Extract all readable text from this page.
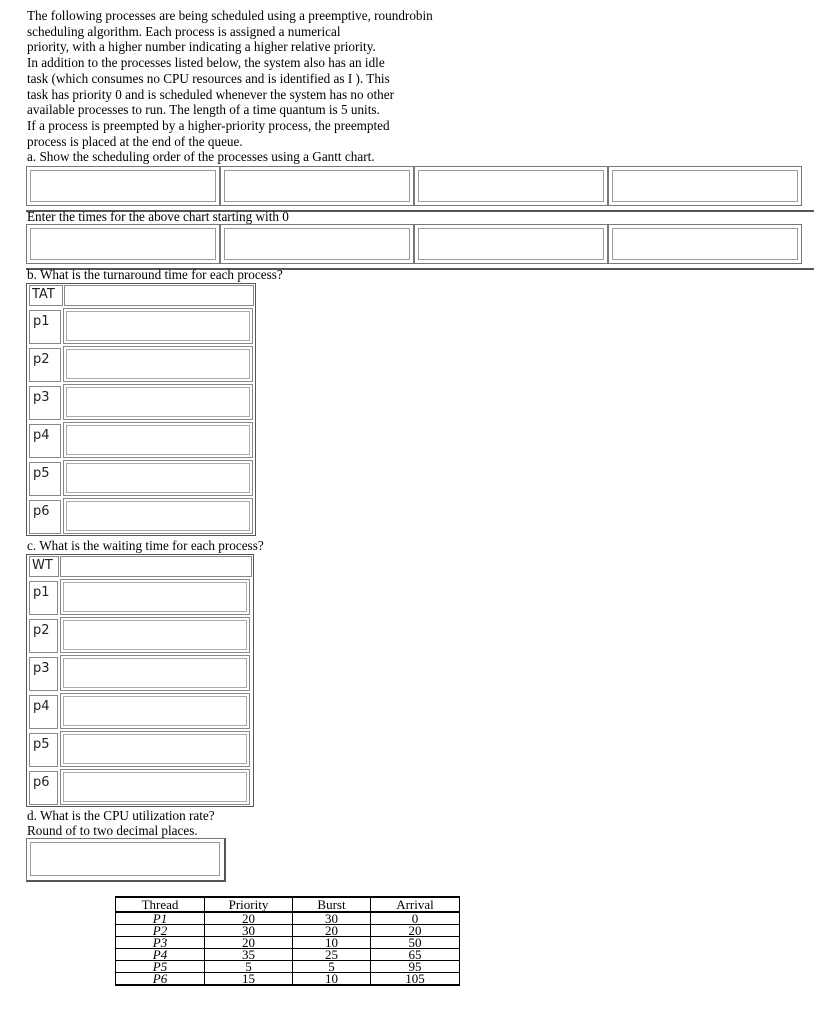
The following processes are being scheduled using a preemptive, roundrobin
scheduling algorithm. Each process is assigned a numerical
priority, with a higher number indicating a higher relative priority.
In addition to the processes listed below, the system also has an idle
task (which consumes no CPU resources and is identified as I ). This
task has priority 0 and is scheduled whenever the system has no other
available processes to run. The length of a time quantum is 5 units.
If a process is preempted by a higher-priority process, the preempted
process is placed at the end of the queue.
a. Show the scheduling order of the processes using a Gantt chart.
Enter the times for the above chart starting with 0
b. What is the turnaround time for each process?
TAT
p1
p2
p3
p4
p5
p6
c. What is the waiting time for each process?
WT
p1
p2
p3
p4
p5
p6
d. What is the CPU utilization rate?
Round of to two decimal places.
Thread	Priority	Burst	Arrival
P1	20	30	0
P2	30	20	20
P3	20	10	50
P4	35	25	65
P5	5	5	95
P6	15	10	105
